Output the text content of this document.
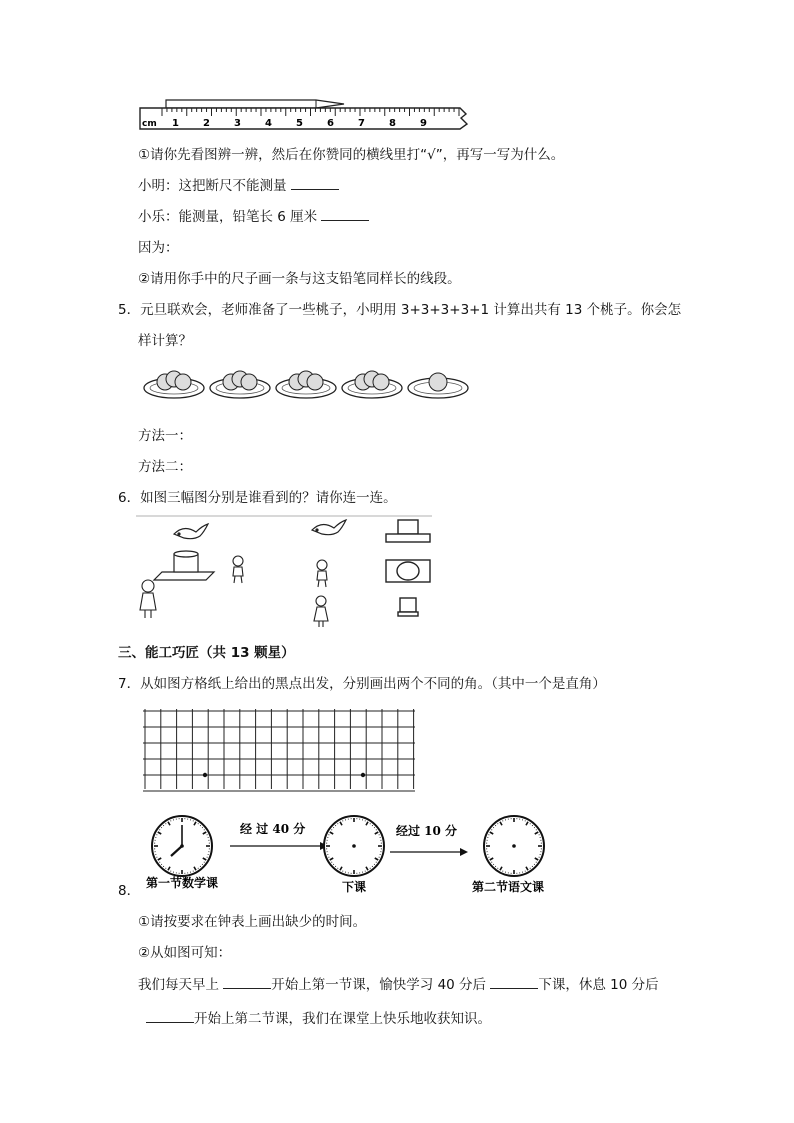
cm 1 2 3 4 5 6 7 8 9
①请你先看图辨一辨，然后在你赞同的横线里打“√”，再写一写为什么。
小明：这把断尺不能测量
小乐：能测量，铅笔长 6 厘米
因为：
②请用你手中的尺子画一条与这支铅笔同样长的线段。
5．元旦联欢会，老师准备了一些桃子，小明用 3+3+3+3+1 计算出共有 13 个桃子。你会怎
样计算？
方法一：
方法二：
6．如图三幅图分别是谁看到的？请你连一连。
三、能工巧匠（共 13 颗星）
7．从如图方格纸上给出的黑点出发，分别画出两个不同的角。（其中一个是直角）
经 过 40 分	经过 10 分
第一节数学课	下课	第二节语文课
8．
①请按要求在钟表上画出缺少的时间。
②从如图可知：
我们每天早上	开始上第一节课，愉快学习 40 分后	下课，休息 10 分后
开始上第二节课，我们在课堂上快乐地收获知识。
